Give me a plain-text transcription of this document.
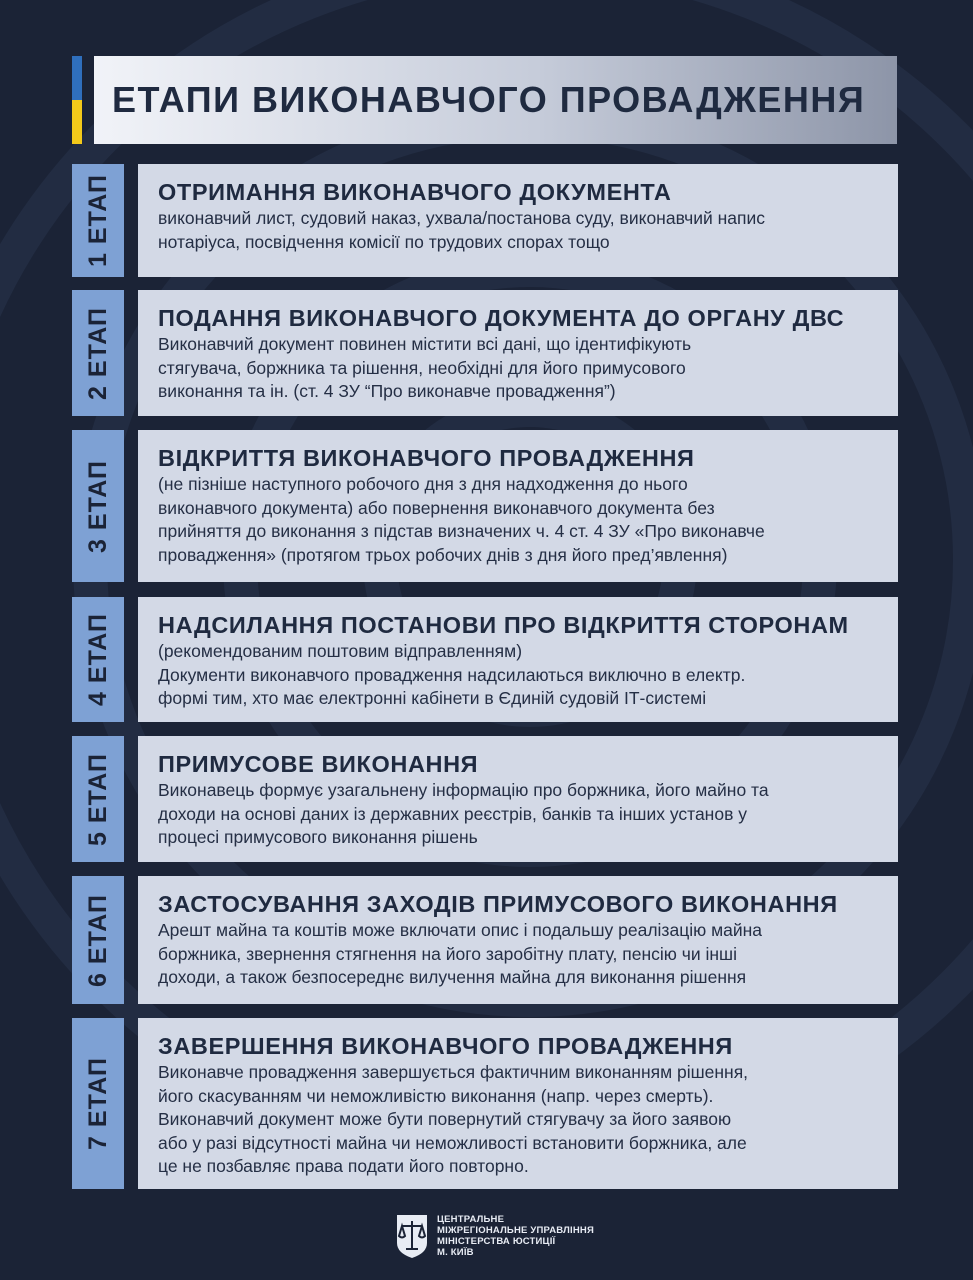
ЕТАПИ ВИКОНАВЧОГО ПРОВАДЖЕННЯ
1 ЕТАП ОТРИМАННЯ ВИКОНАВЧОГО ДОКУМЕНТА
виконавчий лист, судовий наказ, ухвала/постанова суду, виконавчий напис
нотаріуса, посвідчення комісії по трудових спорах тощо
2 ЕТАП ПОДАННЯ ВИКОНАВЧОГО ДОКУМЕНТА ДО ОРГАНУ ДВС
Виконавчий документ повинен містити всі дані, що ідентифікують
стягувача, боржника та рішення, необхідні для його примусового
виконання та ін. (ст. 4 ЗУ “Про виконавче провадження”)
3 ЕТАП
ВІДКРИТТЯ ВИКОНАВЧОГО ПРОВАДЖЕННЯ
(не пізніше наступного робочого дня з дня надходження до нього
виконавчого документа) або повернення виконавчого документа без
прийняття до виконання з підстав визначених ч. 4 ст. 4 ЗУ «Про виконавче
провадження» (протягом трьох робочих днів з дня його пред’явлення)
4 ЕТАП НАДСИЛАННЯ ПОСТАНОВИ ПРО ВІДКРИТТЯ СТОРОНАМ
(рекомендованим поштовим відправленням)
Документи виконавчого провадження надсилаються виключно в електр.
формі тим, хто має електронні кабінети в Єдиній судовій ІТ-системі
5 ЕТАП ПРИМУСОВЕ ВИКОНАННЯ
Виконавець формує узагальнену інформацію про боржника, його майно та
доходи на основі даних із державних реєстрів, банків та інших установ у
процесі примусового виконання рішень
6 ЕТАП ЗАСТОСУВАННЯ ЗАХОДІВ ПРИМУСОВОГО ВИКОНАННЯ
Арешт майна та коштів може включати опис і подальшу реалізацію майна
боржника, звернення стягнення на його заробітну плату, пенсію чи інші
доходи, а також безпосереднє вилучення майна для виконання рішення
7 ЕТАП
ЗАВЕРШЕННЯ ВИКОНАВЧОГО ПРОВАДЖЕННЯ
Виконавче провадження завершується фактичним виконанням рішення,
його скасуванням чи неможливістю виконання (напр. через смерть).
Виконавчий документ може бути повернутий стягувачу за його заявою
або у разі відсутності майна чи неможливості встановити боржника, але
це не позбавляє права подати його повторно.
ЦЕНТРАЛЬНЕ
МІЖРЕГІОНАЛЬНЕ УПРАВЛІННЯ
МІНІСТЕРСТВА ЮСТИЦІЇ
М. КИЇВ
